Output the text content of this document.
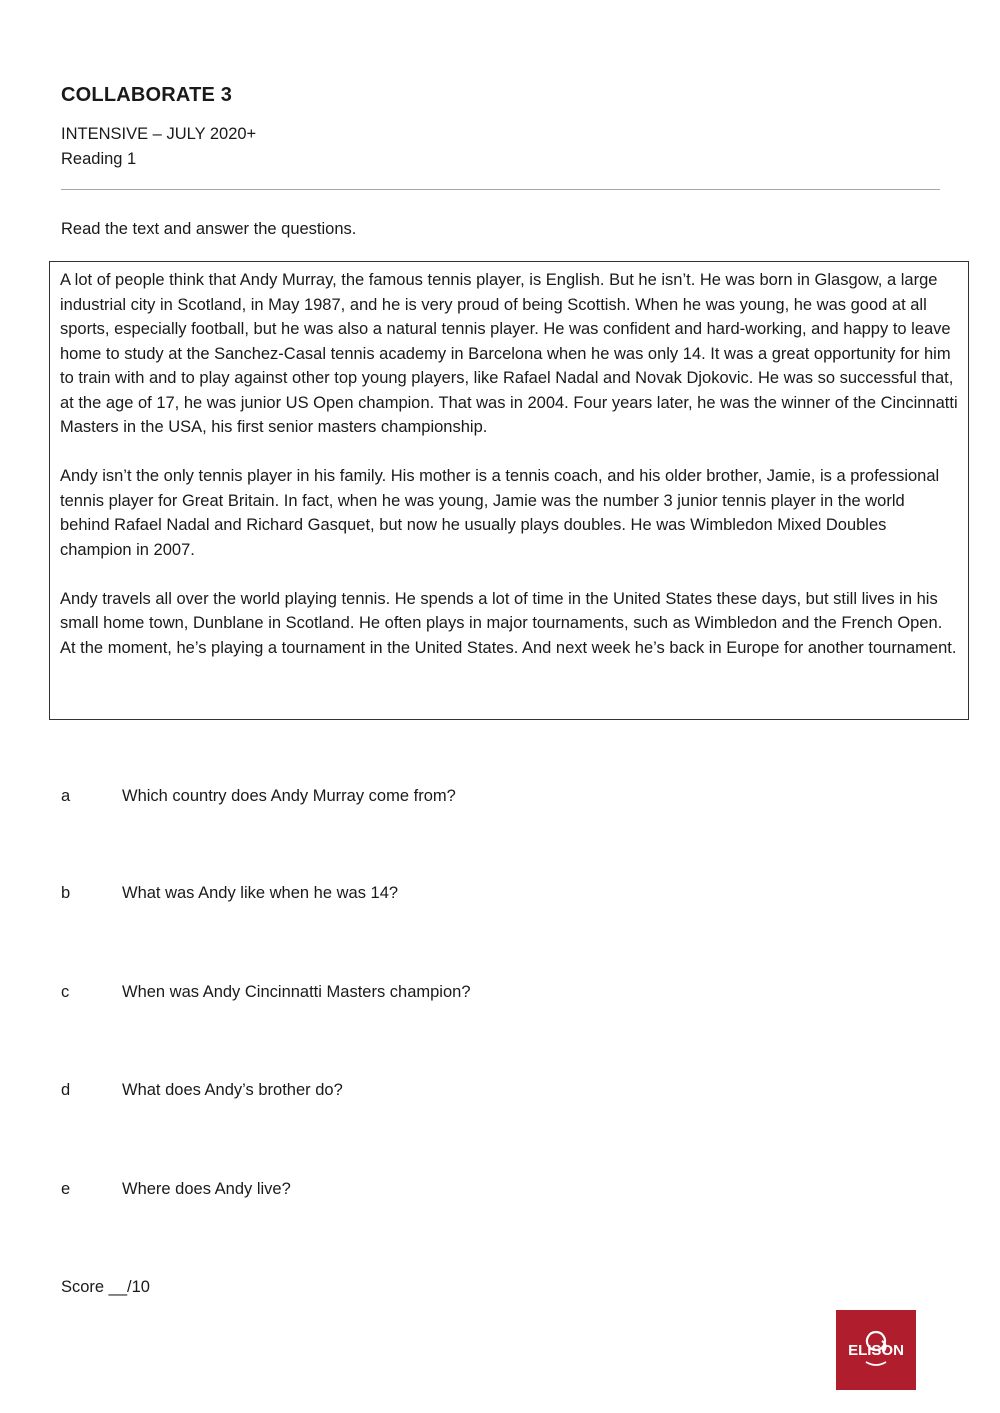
COLLABORATE 3
INTENSIVE – JULY 2020+
Reading 1
Read the text and answer the questions.

A lot of people think that Andy Murray, the famous tennis player, is English. But he isn’t. He was born in Glasgow, a large industrial city in Scotland, in May 1987, and he is very proud of being Scottish. When he was young, he was good at all sports, especially football, but he was also a natural tennis player. He was confident and hard-working, and happy to leave home to study at the Sanchez-Casal tennis academy in Barcelona when he was only 14. It was a great opportunity for him to train with and to play against other top young players, like Rafael Nadal and Novak Djokovic. He was so successful that, at the age of 17, he was junior US Open champion. That was in 2004. Four years later, he was the winner of the Cincinnatti Masters in the USA, his first senior masters championship.

Andy isn’t the only tennis player in his family. His mother is a tennis coach, and his older brother, Jamie, is a professional tennis player for Great Britain. In fact, when he was young, Jamie was the number 3 junior tennis player in the world behind Rafael Nadal and Richard Gasquet, but now he usually plays doubles. He was Wimbledon Mixed Doubles champion in 2007.

Andy travels all over the world playing tennis. He spends a lot of time in the United States these days, but still lives in his small home town, Dunblane in Scotland. He often plays in major tournaments, such as Wimbledon and the French Open. At the moment, he’s playing a tournament in the United States. And next week he’s back in Europe for another tournament.

a	Which country does Andy Murray come from?
b	What was Andy like when he was 14?
c	When was Andy Cincinnatti Masters champion?
d	What does Andy’s brother do?
e	Where does Andy live?
Score __/10
ELISON
